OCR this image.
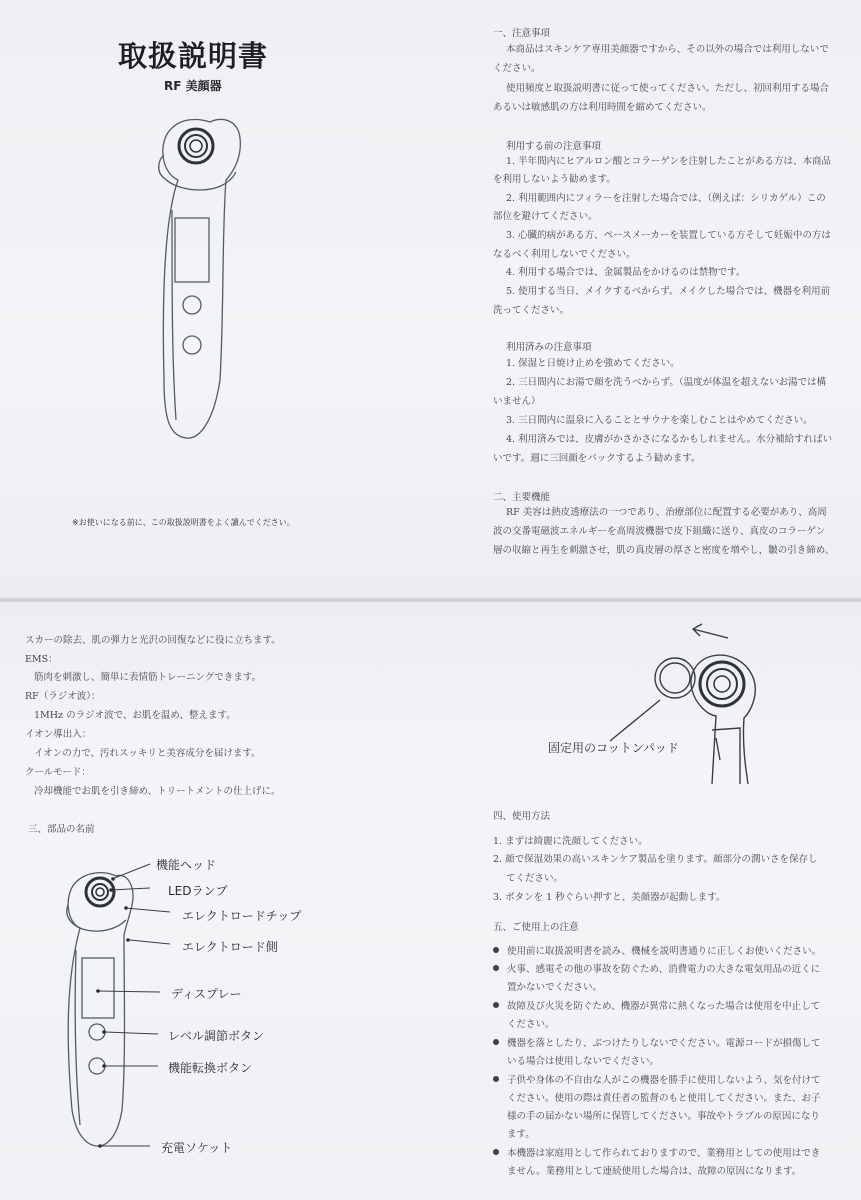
取扱説明書
RF 美顔器
※お使いになる前に、この取扱説明書をよく讀んでください。
一、注意事項
本商品はスキンケア専用美顔器ですから、その以外の場合では利用しないで
ください。
使用頻度と取扱説明書に従って使ってください。ただし、初回利用する場合
あるいは敏感肌の方は利用時間を縮めてください。
利用する前の注意事項
1. 半年間内にヒアルロン酸とコラーゲンを注射したことがある方は、本商品
を利用しないよう勧めます。
2. 利用範囲内にフィラーを注射した場合では、（例えば：シリカゲル）この
部位を避けてください。
3. 心臓的病がある方、ペースメーカーを装置している方そして妊娠中の方は
なるべく利用しないでください。
4. 利用する場合では、金属製品をかけるのは禁物です。
5. 使用する当日、メイクするべからず。メイクした場合では、機器を利用前
洗ってください。
利用済みの注意事項
1. 保湿と日焼け止めを強めてください。
2. 三日間内にお湯で顔を洗うべからず。（温度が体温を超えないお湯では構
いません）
3. 三日間内に温泉に入ることとサウナを楽しむことはやめてください。
4. 利用済みでは、皮膚がかさかさになるかもしれません。水分補給すればい
いです。週に三回顔をパックするよう勧めます。
二、主要機能
RF 美容は熱皮透療法の一つであり、治療部位に配置する必要があり、高周
波の交番電磁波エネルギーを高周波機器で皮下組織に送り、真皮のコラーゲン
層の収縮と再生を刺激させ，肌の真皮層の厚さと密度を増やし，皺の引き締め、
スカーの除去、肌の弾力と光沢の回復などに役に立ちます。
EMS：
筋肉を刺激し、簡単に表情筋トレーニングできます。
RF（ラジオ波）：
1MHz のラジオ波で、お肌を温め、整えます。
イオン導出入：
イオンの力で、汚れスッキリと美容成分を届けます。
クールモード：
冷却機能でお肌を引き締め、トリートメントの仕上げに。
三、部品の名前
機能ヘッド
LEDランプ
エレクトロードチップ
エレクトロード側
ディスプレー
レベル調節ボタン
機能転換ボタン
充電ソケット
固定用のコットンパッド
四、使用方法
1. まずは綺麗に洗顔してください。
2. 顔で保湿効果の高いスキンケア製品を塗ります。顔部分の潤いさを保存し
てください。
3. ボタンを 1 秒ぐらい押すと、美顔器が起動します。
五、ご使用上の注意
使用前に取扱説明書を読み、機械を説明書通りに正しくお使いください。
火事、感電その他の事故を防ぐため、消費電力の大きな電気用品の近くに
置かないでください。
故障及び火災を防ぐため、機器が異常に熱くなった場合は使用を中止して
ください。
機器を落としたり、ぶつけたりしないでください。電源コードが損傷して
いる場合は使用しないでください。
子供や身体の不自由な人がこの機器を勝手に使用しないよう、気を付けて
ください。使用の際は責任者の監督のもと使用してください。また、お子
様の手の届かない場所に保管してください。事故やトラブルの原因になり
ます。
本機器は家庭用として作られておりますので、業務用としての使用はでき
ません。業務用として連続使用した場合は、故障の原因になります。
